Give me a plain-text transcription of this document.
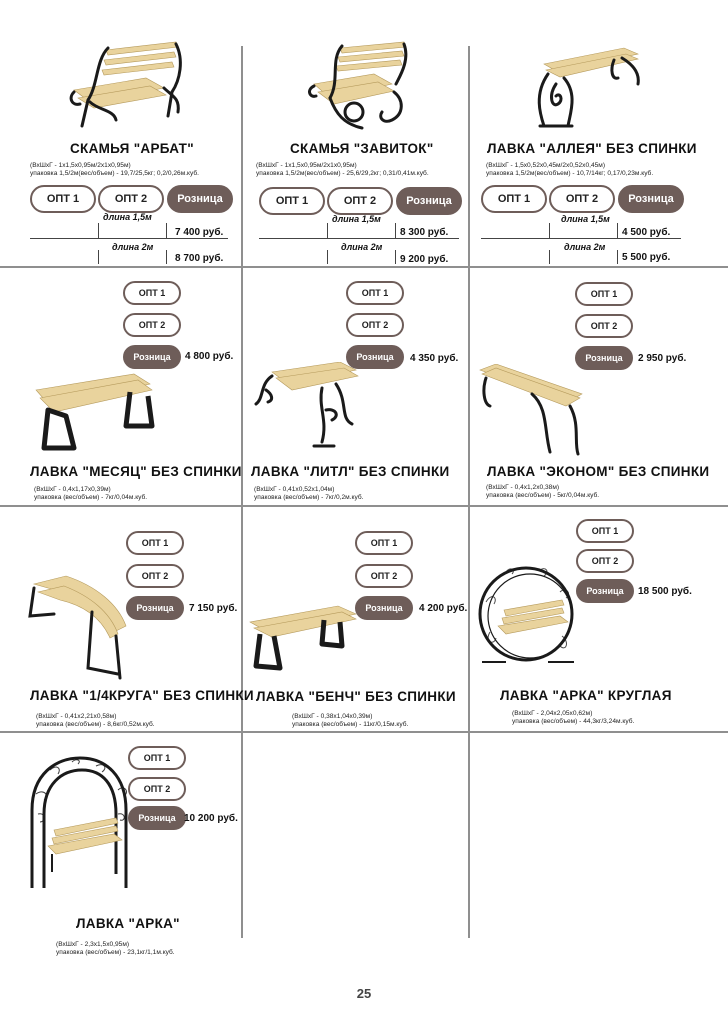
СКАМЬЯ "АРБАТ"
(ВхШхГ - 1х1,5х0,95м/2х1х0,95м)
упаковка 1,5/2м(вес/объем) - 19,7/25,5кг; 0,2/0,26м.куб.
ОПТ 1	ОПТ 2	Розница
длина 1,5м
7 400 руб.
длина 2м
8 700 руб.
СКАМЬЯ "ЗАВИТОК"
(ВхШхГ - 1х1,5х0,95м/2х1х0,95м)
упаковка 1,5/2м(вес/объем) - 25,6/29,2кг; 0,31/0,41м.куб.
ОПТ 1	ОПТ 2	Розница
длина 1,5м
8 300 руб.
длина 2м
9 200 руб.
ЛАВКА "АЛЛЕЯ" БЕЗ СПИНКИ
(ВхШхГ - 1,5х0,52х0,45м/2х0,52х0,45м)
упаковка 1,5/2м(вес/объем) - 10,7/14кг; 0,17/0,23м.куб.
ОПТ 1	ОПТ 2	Розница
длина 1,5м
4 500 руб.
длина 2м
5 500 руб.
ОПТ 1
ОПТ 2
Розница	4 800 руб.
ЛАВКА "МЕСЯЦ" БЕЗ СПИНКИ
(ВхШхГ - 0,4х1,17х0,39м)
упаковка (вес/объем) - 7кг/0,04м.куб.
ОПТ 1
ОПТ 2
Розница	4 350 руб.
ЛАВКА "ЛИТЛ" БЕЗ СПИНКИ
(ВхШхГ - 0,41х0,52х1,04м)
упаковка (вес/объем) - 7кг/0,2м.куб.
ОПТ 1
ОПТ 2
Розница	2 950 руб.
ЛАВКА "ЭКОНОМ" БЕЗ СПИНКИ
(ВхШхГ - 0,4х1,2х0,38м)
упаковка (вес/объем) - 5кг/0,04м.куб.
ОПТ 1
ОПТ 2
Розница	7 150 руб.
ЛАВКА "1/4КРУГА" БЕЗ СПИНКИ
(ВхШхГ - 0,41х2,21х0,58м)
упаковка (вес/объем) - 8,6кг/0,52м.куб.
ОПТ 1
ОПТ 2
Розница	4 200 руб.
ЛАВКА "БЕНЧ" БЕЗ СПИНКИ
(ВхШхГ - 0,38х1,04х0,39м)
упаковка (вес/объем) - 11кг/0,15м.куб.
ОПТ 1
ОПТ 2
Розница	18 500 руб.
ЛАВКА "АРКА" КРУГЛАЯ
(ВхШхГ - 2,04х2,05х0,62м)
упаковка (вес/объем) - 44,3кг/3,24м.куб.
ОПТ 1
ОПТ 2
Розница 10 200 руб.
ЛАВКА "АРКА"
(ВхШхГ - 2,3х1,5х0,95м)
упаковка (вес/объем) - 23,1кг/1,1м.куб.
25
